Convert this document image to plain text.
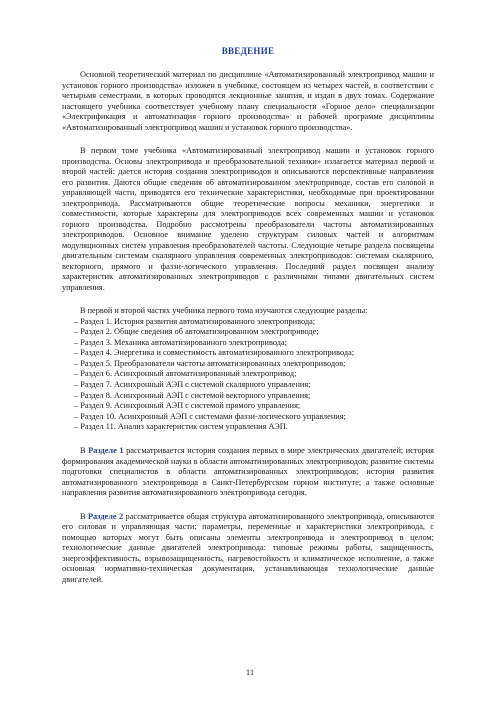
ВВЕДЕНИЕ

Основной теоретический материал по дисциплине «Автоматизированный электропривод машин и установок горного производства» изложен в учебнике, состоящем из четырех частей, в соответствии с четырьмя семестрами, в которых проводятся лекционные занятия, и издан в двух томах. Содержание настоящего учебника соответствует учебному плану специальности «Горное дело» специализации «Электрификация и автоматизация горного производства» и рабочей программе дисциплины «Автоматизированный электропривод машин и установок горного производства».

В первом томе учебника «Автоматизированный электропривод машин и установок горного производства. Основы электропривода и преобразовательной техники» излагается материал первой и второй частей: дается история создания электроприводов и описываются перспективные направления его развития. Даются общие сведения об автоматизированном электроприводе, состав его силовой и управляющей части, приводятся его технические характеристики, необходимые при проектировании электропривода. Рассматриваются общие теоретические вопросы механики, энергетики и совместимости, которые характерны для электроприводов всех современных машин и установок горного производства. Подробно рассмотрены преобразователи частоты автоматизированных электроприводов. Основное внимание уделено структурам силовых частей и алгоритмам модуляционных систем управления преобразователей частоты. Следующие четыре раздела посвящены двигательным системам скалярного управления современных электроприводов: системам скалярного, векторного, прямого и фаззи-логического управления. Последний раздел посвящен анализу характеристик автоматизированных электроприводов с различными типами двигательных систем управления.

В первой и второй частях учебника первого тома изучаются следующие разделы:

– Раздел 1. История развития автоматизированного электропривода;
– Раздел 2. Общие сведения об автоматизированном электроприводе;
– Раздел 3. Механика автоматизированного электропривода;
– Раздел 4. Энергетика и совместимость автоматизированного электропривода;
– Раздел 5. Преобразователи частоты автоматизированных электроприводов;
– Раздел 6. Асинхронный автоматизированный электропривод;
– Раздел 7. Асинхронный АЭП с системой скалярного управления;
– Раздел 8. Асинхронный АЭП с системой векторного управления;
– Раздел 9. Асинхронный АЭП с системой прямого управления;
– Раздел 10. Асинхронный АЭП с системами фаззи-логического управления;
– Раздел 11. Анализ характеристик систем управления АЭП.

В Разделе 1 рассматривается история создания первых в мире электрических двигателей; история формирования академической науки в области автоматизированных электроприводов; развитие системы подготовки специалистов в области автоматизированных электроприводов; история развития автоматизированного электропривода в Санкт-Петербургском горном институте; а также основные направления развития автоматизированного электропривода сегодня.

В Разделе 2 рассматривается общая структура автоматизированного электропривода, описываются его силовая и управляющая части; параметры, переменные и характеристики электропривода, с помощью которых могут быть описаны элементы электропривода и электропривод в целом; технологические данные двигателей электропривода: типовые режимы работы, защищенность, энергоэффективность, взрывозащищенность, нагревостойкость и климатическое исполнение, а также основная нормативно-техническая документация, устанавливающая технологические данные двигателей.

11
